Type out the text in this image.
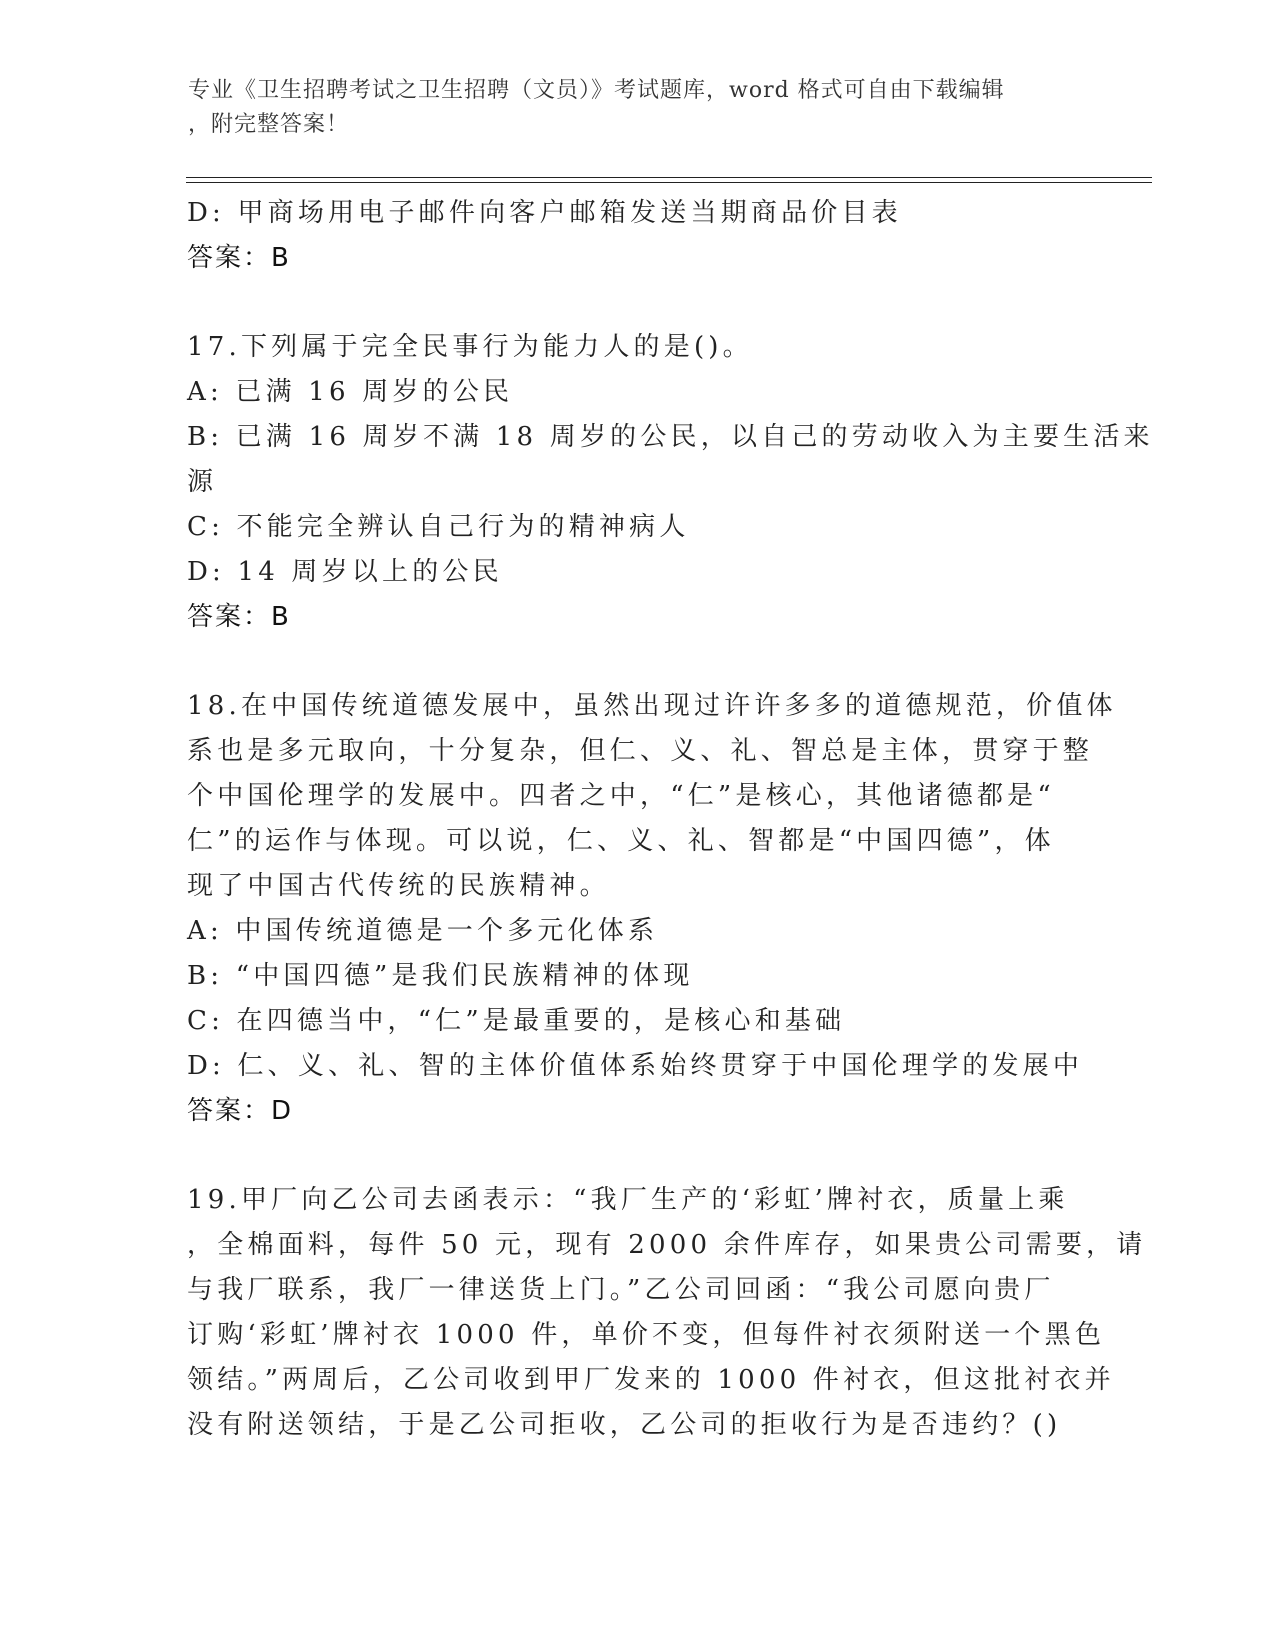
专业《卫生招聘考试之卫生招聘（文员）》考试题库，word 格式可自由下载编辑
，附完整答案！
D: 甲商场用电子邮件向客户邮箱发送当期商品价目表
答案：B
17.下列属于完全民事行为能力人的是()。
A: 已满 16 周岁的公民
B: 已满 16 周岁不满 18 周岁的公民，以自己的劳动收入为主要生活来
源
C: 不能完全辨认自己行为的精神病人
D: 14 周岁以上的公民
答案：B
18.在中国传统道德发展中，虽然出现过许许多多的道德规范，价值体
系也是多元取向，十分复杂，但仁、义、礼、智总是主体，贯穿于整
个中国伦理学的发展中。四者之中，“仁”是核心，其他诸德都是“
仁”的运作与体现。可以说，仁、义、礼、智都是“中国四德”，体
现了中国古代传统的民族精神。
A: 中国传统道德是一个多元化体系
B: “中国四德”是我们民族精神的体现
C: 在四德当中，“仁”是最重要的，是核心和基础
D: 仁、义、礼、智的主体价值体系始终贯穿于中国伦理学的发展中
答案：D
19.甲厂向乙公司去函表示：“我厂生产的‘彩虹’牌衬衣，质量上乘
，全棉面料，每件 50 元，现有 2000 余件库存，如果贵公司需要，请
与我厂联系，我厂一律送货上门。”乙公司回函：“我公司愿向贵厂
订购‘彩虹’牌衬衣 1000 件，单价不变，但每件衬衣须附送一个黑色
领结。”两周后，乙公司收到甲厂发来的 1000 件衬衣，但这批衬衣并
没有附送领结，于是乙公司拒收，乙公司的拒收行为是否违约？()
